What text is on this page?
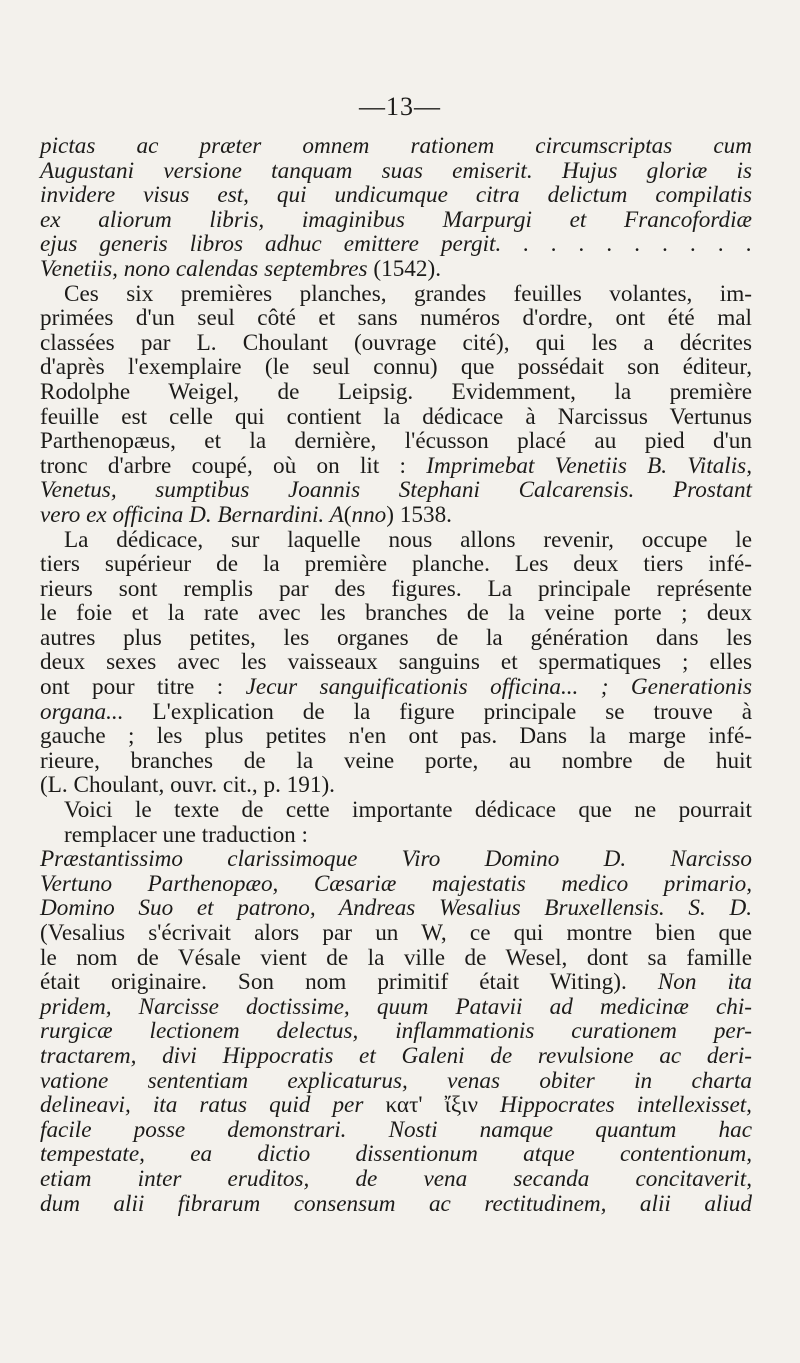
—13—
pictas ac præter omnem rationem circumscriptas cum
Augustani versione tanquam suas emiserit. Hujus gloriæ is
invidere visus est, qui undicumque citra delictum compilatis
ex aliorum libris, imaginibus Marpurgi et Francofordiæ
ejus generis libros adhuc emittere pergit. . . . . . . . . .
Venetiis, nono calendas septembres (1542).
Ces six premières planches, grandes feuilles volantes, im-
primées d'un seul côté et sans numéros d'ordre, ont été mal
classées par L. Choulant (ouvrage cité), qui les a décrites
d'après l'exemplaire (le seul connu) que possédait son éditeur,
Rodolphe Weigel, de Leipsig. Evidemment, la première
feuille est celle qui contient la dédicace à Narcissus Vertunus
Parthenopæus, et la dernière, l'écusson placé au pied d'un
tronc d'arbre coupé, où on lit : Imprimebat Venetiis B. Vitalis,
Venetus, sumptibus Joannis Stephani Calcarensis. Prostant
vero ex officina D. Bernardini. A(nno) 1538.
La dédicace, sur laquelle nous allons revenir, occupe le
tiers supérieur de la première planche. Les deux tiers infé-
rieurs sont remplis par des figures. La principale représente
le foie et la rate avec les branches de la veine porte ; deux
autres plus petites, les organes de la génération dans les
deux sexes avec les vaisseaux sanguins et spermatiques ; elles
ont pour titre : Jecur sanguificationis officina... ; Generationis
organa... L'explication de la figure principale se trouve à
gauche ; les plus petites n'en ont pas. Dans la marge infé-
rieure, branches de la veine porte, au nombre de huit
(L. Choulant, ouvr. cit., p. 191).
Voici le texte de cette importante dédicace que ne pourrait
remplacer une traduction :
Præstantissimo clarissimoque Viro Domino D. Narcisso
Vertuno Parthenopæo, Cæsariæ majestatis medico primario,
Domino Suo et patrono, Andreas Wesalius Bruxellensis. S. D.
(Vesalius s'écrivait alors par un W, ce qui montre bien que
le nom de Vésale vient de la ville de Wesel, dont sa famille
était originaire. Son nom primitif était Witing). Non ita
pridem, Narcisse doctissime, quum Patavii ad medicinæ chi-
rurgicæ lectionem delectus, inflammationis curationem per-
tractarem, divi Hippocratis et Galeni de revulsione ac deri-
vatione sententiam explicaturus, venas obiter in charta
delineavi, ita ratus quid per κατ' ἴξιν Hippocrates intellexisset,
facile posse demonstrari. Nosti namque quantum hac
tempestate, ea dictio dissentionum atque contentionum,
etiam inter eruditos, de vena secanda concitaverit,
dum alii fibrarum consensum ac rectitudinem, alii aliud
